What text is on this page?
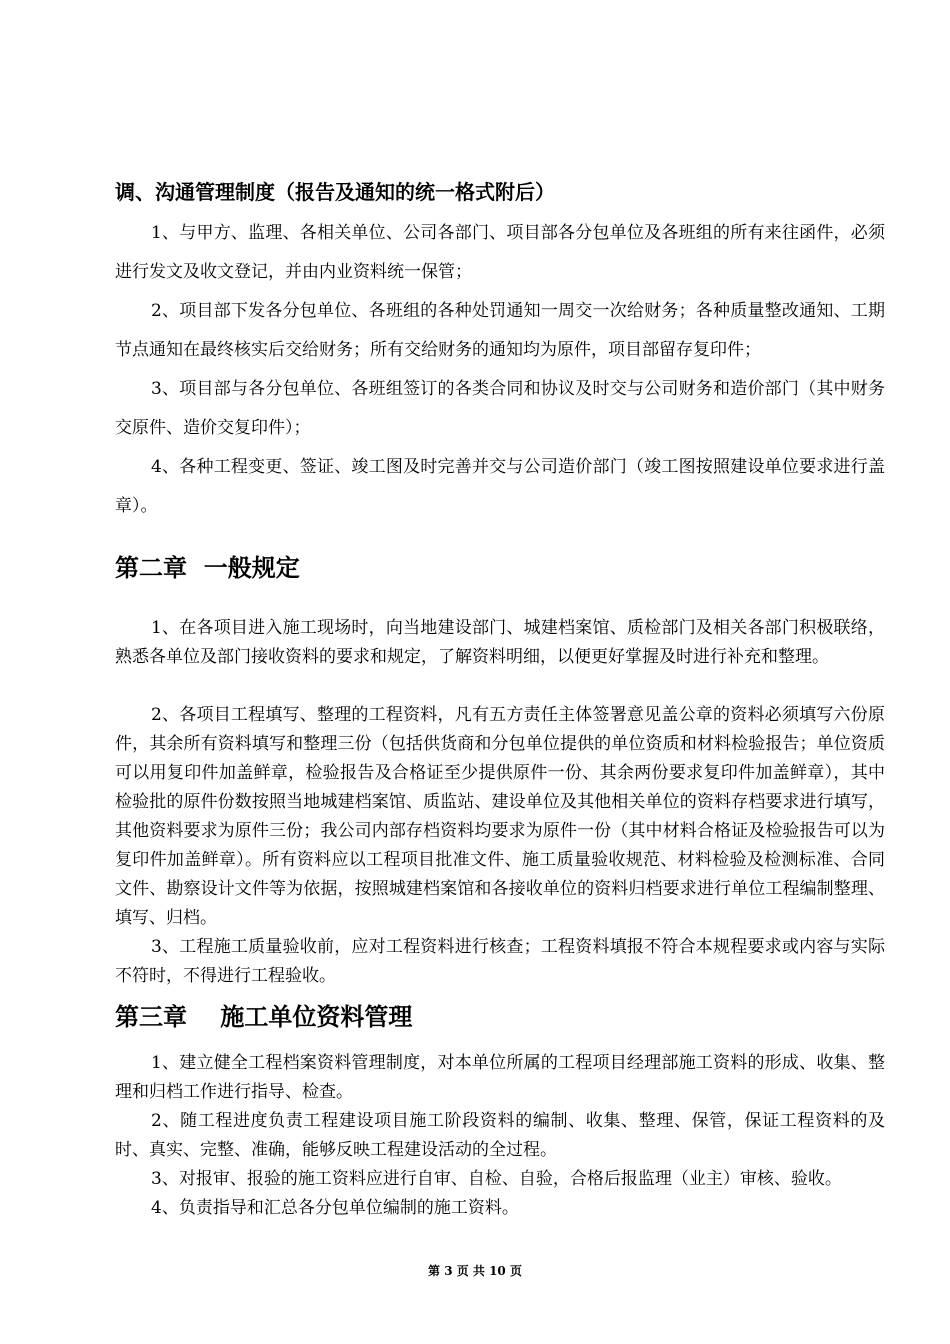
调、沟通管理制度（报告及通知的统一格式附后）

1、与甲方、监理、各相关单位、公司各部门、项目部各分包单位及各班组的所有来往函件，必须进行发文及收文登记，并由内业资料统一保管；

2、项目部下发各分包单位、各班组的各种处罚通知一周交一次给财务；各种质量整改通知、工期节点通知在最终核实后交给财务；所有交给财务的通知均为原件，项目部留存复印件；

3、项目部与各分包单位、各班组签订的各类合同和协议及时交与公司财务和造价部门（其中财务交原件、造价交复印件）；

4、各种工程变更、签证、竣工图及时完善并交与公司造价部门（竣工图按照建设单位要求进行盖章）。

第二章  一般规定

1、在各项目进入施工现场时，向当地建设部门、城建档案馆、质检部门及相关各部门积极联络，熟悉各单位及部门接收资料的要求和规定，了解资料明细，以便更好掌握及时进行补充和整理。

2、各项目工程填写、整理的工程资料，凡有五方责任主体签署意见盖公章的资料必须填写六份原件，其余所有资料填写和整理三份（包括供货商和分包单位提供的单位资质和材料检验报告；单位资质可以用复印件加盖鲜章，检验报告及合格证至少提供原件一份、其余两份要求复印件加盖鲜章），其中检验批的原件份数按照当地城建档案馆、质监站、建设单位及其他相关单位的资料存档要求进行填写，其他资料要求为原件三份；我公司内部存档资料均要求为原件一份（其中材料合格证及检验报告可以为复印件加盖鲜章）。所有资料应以工程项目批准文件、施工质量验收规范、材料检验及检测标准、合同文件、勘察设计文件等为依据，按照城建档案馆和各接收单位的资料归档要求进行单位工程编制整理、填写、归档。

3、工程施工质量验收前，应对工程资料进行核查；工程资料填报不符合本规程要求或内容与实际不符时，不得进行工程验收。

第三章    施工单位资料管理

1、建立健全工程档案资料管理制度，对本单位所属的工程项目经理部施工资料的形成、收集、整理和归档工作进行指导、检查。

2、随工程进度负责工程建设项目施工阶段资料的编制、收集、整理、保管，保证工程资料的及时、真实、完整、准确，能够反映工程建设活动的全过程。

3、对报审、报验的施工资料应进行自审、自检、自验，合格后报监理（业主）审核、验收。

4、负责指导和汇总各分包单位编制的施工资料。

第 3 页 共 10 页
